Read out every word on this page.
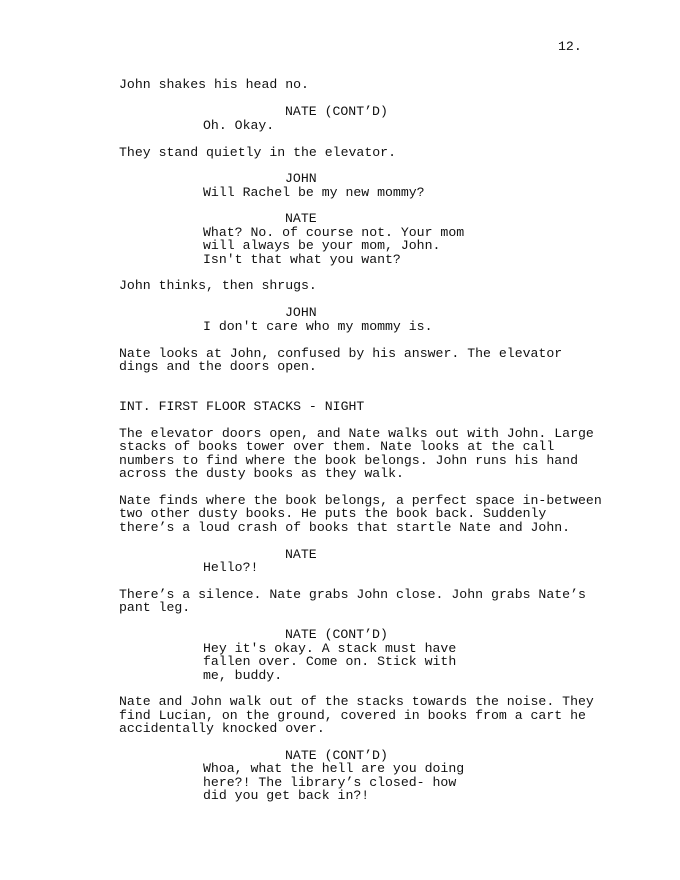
12.
John shakes his head no.
NATE (CONT’D)
Oh. Okay.
They stand quietly in the elevator.
JOHN
Will Rachel be my new mommy?
NATE
What? No. of course not. Your mom
will always be your mom, John.
Isn't that what you want?
John thinks, then shrugs.
JOHN
I don't care who my mommy is.
Nate looks at John, confused by his answer. The elevator
dings and the doors open.
INT. FIRST FLOOR STACKS - NIGHT
The elevator doors open, and Nate walks out with John. Large
stacks of books tower over them. Nate looks at the call
numbers to find where the book belongs. John runs his hand
across the dusty books as they walk.
Nate finds where the book belongs, a perfect space in-between
two other dusty books. He puts the book back. Suddenly
there’s a loud crash of books that startle Nate and John.
NATE
Hello?!
There’s a silence. Nate grabs John close. John grabs Nate’s
pant leg.
NATE (CONT’D)
Hey it's okay. A stack must have
fallen over. Come on. Stick with
me, buddy.
Nate and John walk out of the stacks towards the noise. They
find Lucian, on the ground, covered in books from a cart he
accidentally knocked over.
NATE (CONT’D)
Whoa, what the hell are you doing
here?! The library’s closed- how
did you get back in?!
